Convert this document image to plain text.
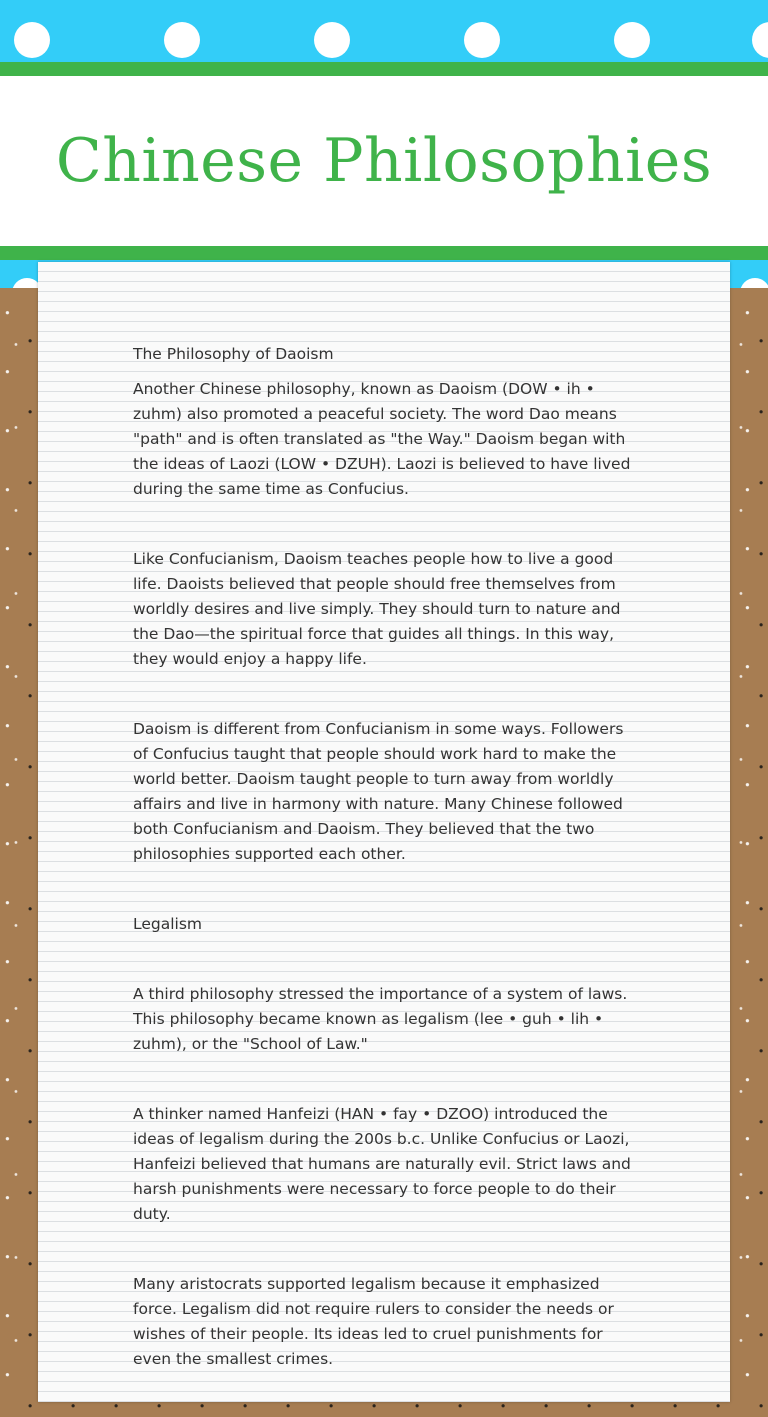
Chinese Philosophies

The Philosophy of Daoism

Another Chinese philosophy, known as Daoism (DOW • ih • zuhm) also promoted a peaceful society. The word Dao means "path" and is often translated as "the Way." Daoism began with the ideas of Laozi (LOW • DZUH). Laozi is believed to have lived during the same time as Confucius.

Like Confucianism, Daoism teaches people how to live a good life. Daoists believed that people should free themselves from worldly desires and live simply. They should turn to nature and the Dao—the spiritual force that guides all things. In this way, they would enjoy a happy life.

Daoism is different from Confucianism in some ways. Followers of Confucius taught that people should work hard to make the world better. Daoism taught people to turn away from worldly affairs and live in harmony with nature. Many Chinese followed both Confucianism and Daoism. They believed that the two philosophies supported each other.

Legalism

A third philosophy stressed the importance of a system of laws. This philosophy became known as legalism (lee • guh • lih • zuhm), or the "School of Law."

A thinker named Hanfeizi (HAN • fay • DZOO) introduced the ideas of legalism during the 200s b.c. Unlike Confucius or Laozi, Hanfeizi believed that humans are naturally evil. Strict laws and harsh punishments were necessary to force people to do their duty.

Many aristocrats supported legalism because it emphasized force. Legalism did not require rulers to consider the needs or wishes of their people. Its ideas led to cruel punishments for even the smallest crimes.
